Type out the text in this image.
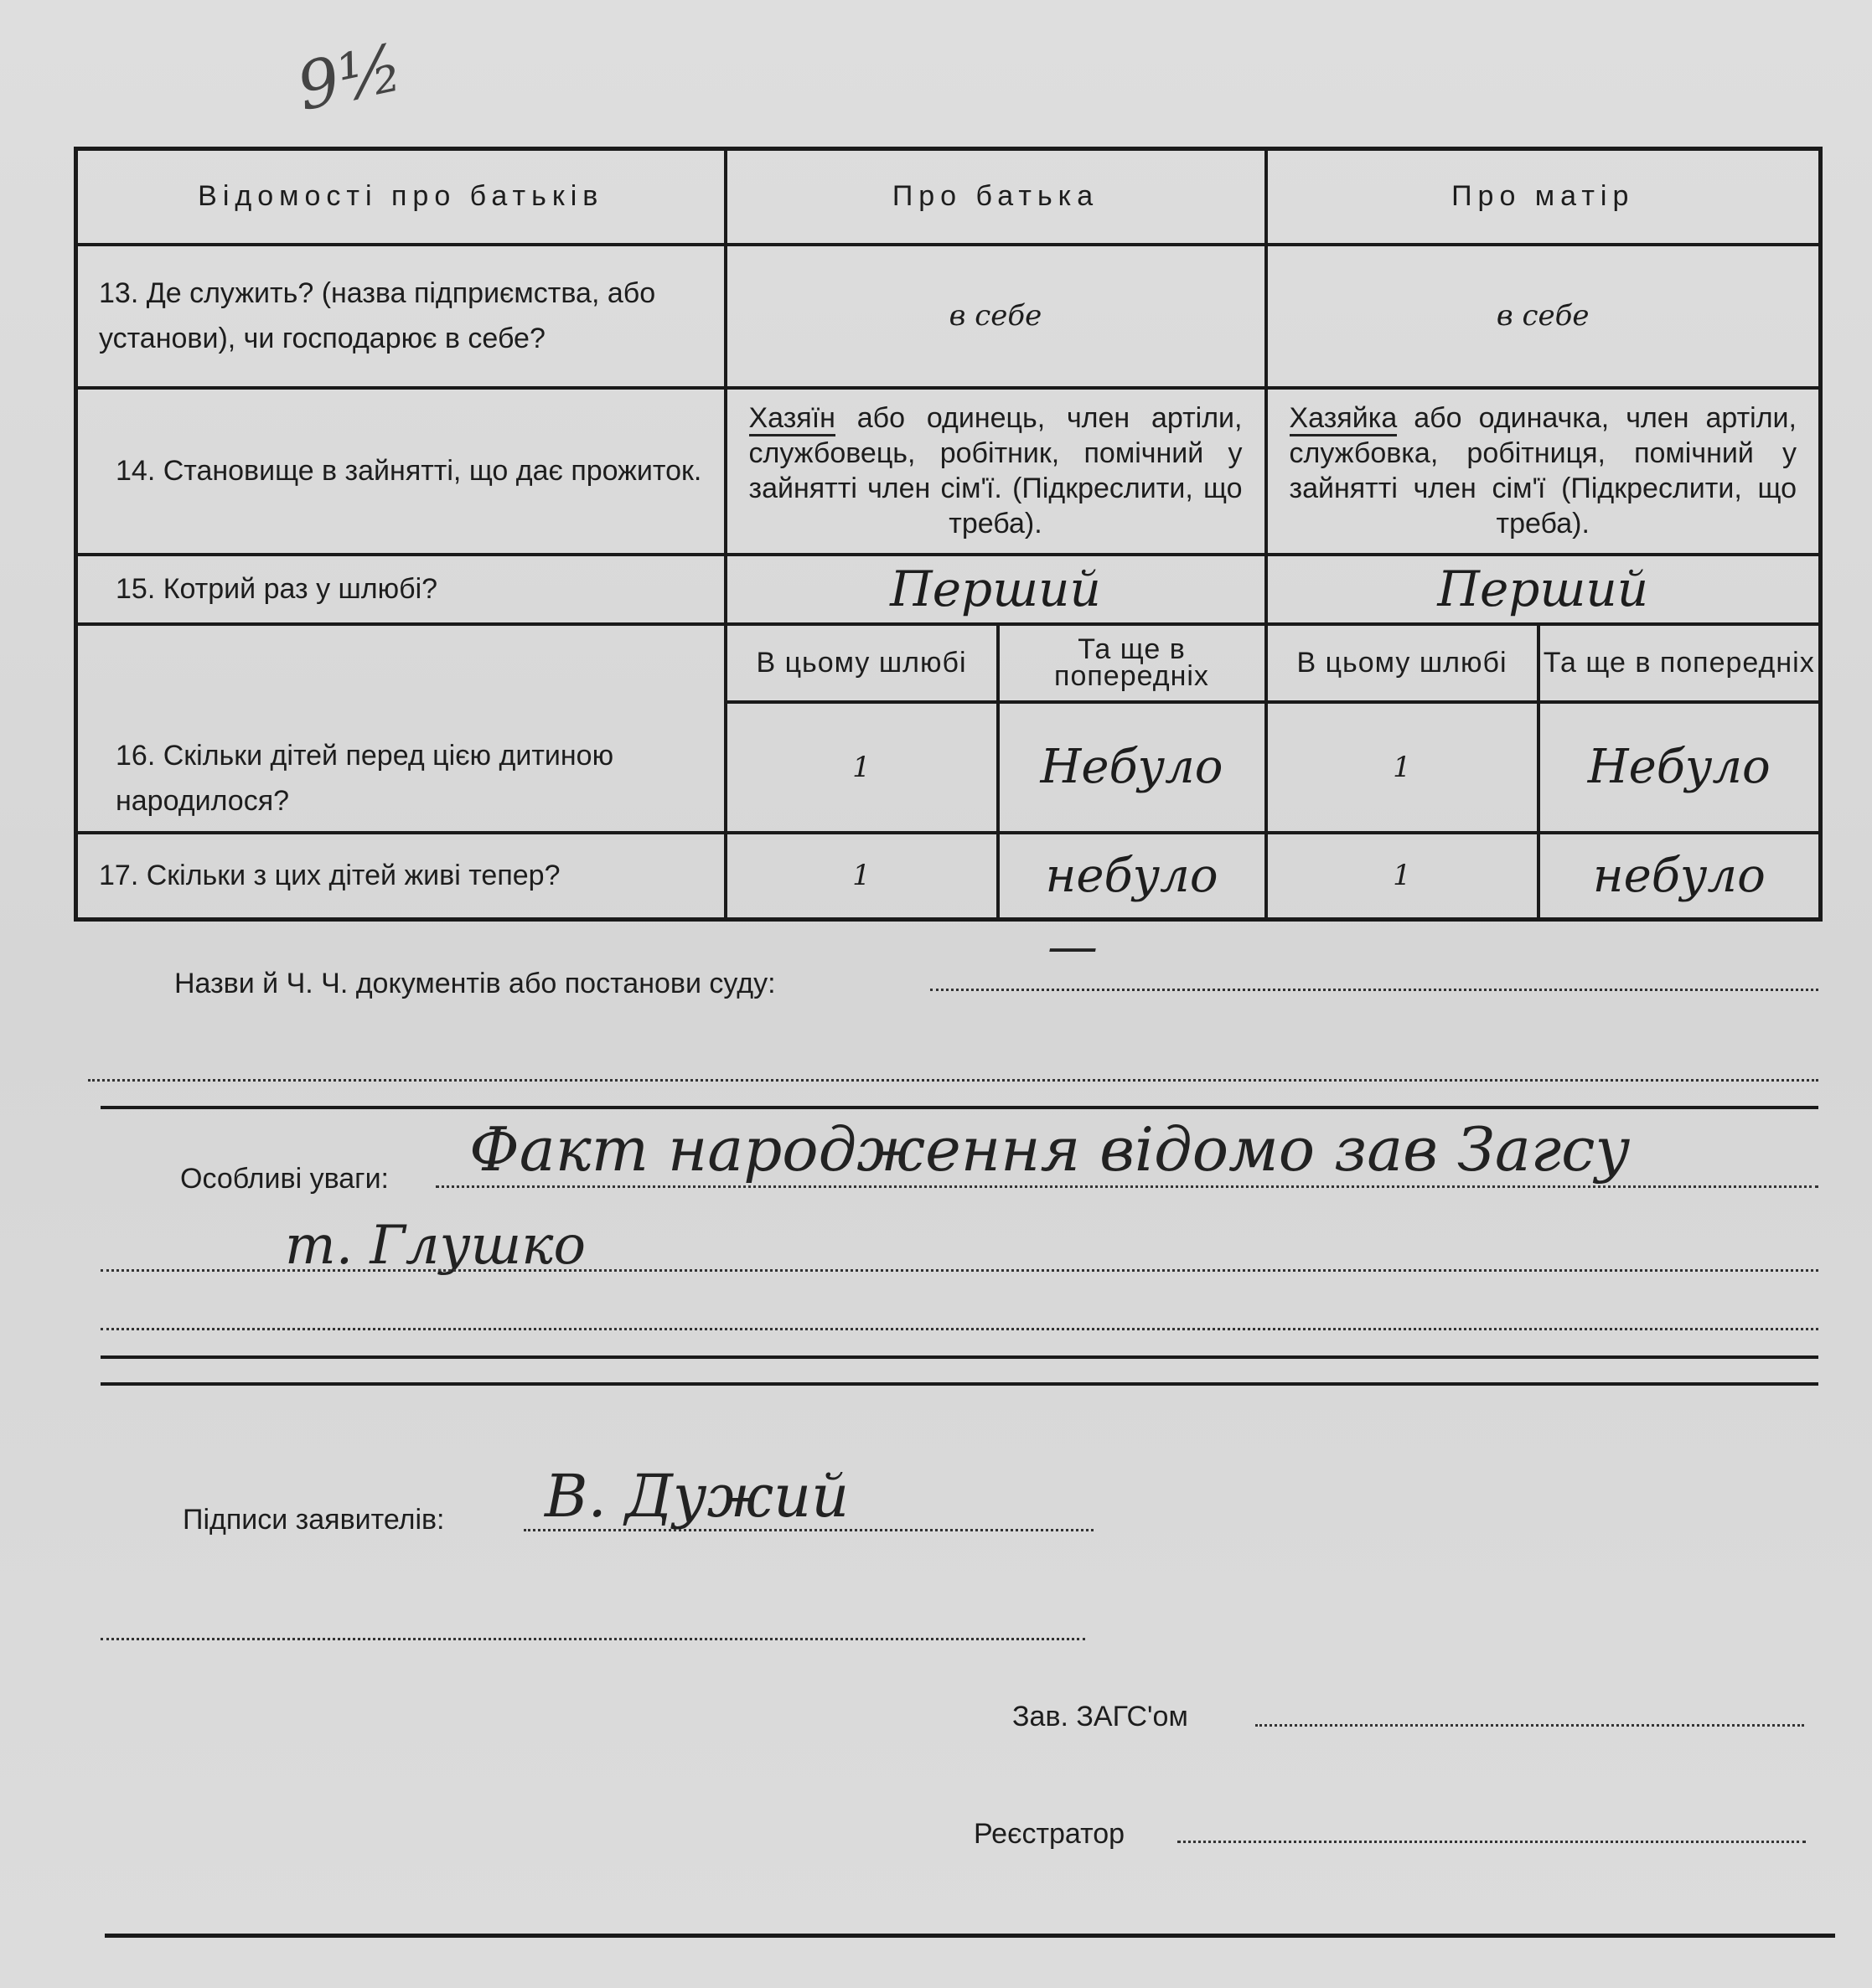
9½
Відомості про батьків	Про батька		Про матір	
13. Де служить? (назва підприємства, або установи), чи господарює в себе?	в себе		в себе	
14. Становище в зайнятті, що дає прожиток.	Хазяїн або одинець, член артіли, службовець, робітник, помічний у зайнятті член сім'ї. (Підкреслити, що треба).		Хазяйка або одиначка, член артіли, службовка, робітниця, помічний у зайнятті член сім'ї (Підкреслити, що треба).	
15. Котрий раз у шлюбі?	Перший		Перший	
16. Скільки дітей перед цією дитиною народилося?	В цьому шлюбі	Та ще в попередніх	В цьому шлюбі	Та ще в попередніх
	1	Небуло	1	Небуло
17. Скільки з цих дітей живі тепер?	1	небуло	1	небуло
Назви й Ч. Ч. документів або постанови суду:
—
Особливі уваги: Факт народження відомо зав Загсу
т. Глушко
Підписи заявителів: В. Дужий
Зав. ЗАГС'ом
Реєстратор
